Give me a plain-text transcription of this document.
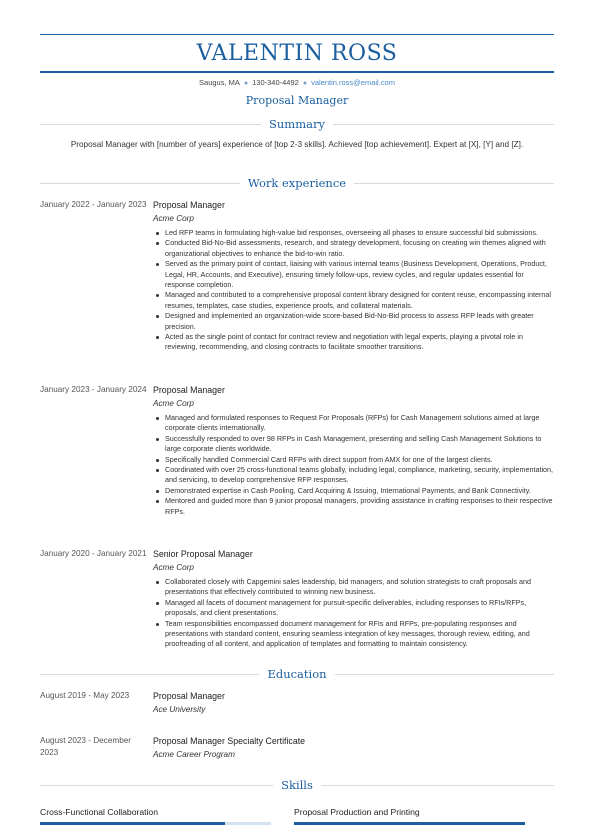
VALENTIN ROSS
Saugus, MA ● 130-340-4492 ● valentin.ross@email.com
Proposal Manager
Summary
Proposal Manager with [number of years] experience of [top 2-3 skills]. Achieved [top achievement]. Expert at [X], [Y] and [Z].
Work experience
January 2022 - January 2023 Proposal Manager
Acme Corp
Led RFP teams in formulating high-value bid responses, overseeing all phases to ensure successful bid submissions.
Conducted Bid-No-Bid assessments, research, and strategy development, focusing on creating win themes aligned with organizational objectives to enhance the bid-to-win ratio.
Served as the primary point of contact, liaising with various internal teams (Business Development, Operations, Product, Legal, HR, Accounts, and Executive), ensuring timely follow-ups, review cycles, and regular updates essential for response completion.
Managed and contributed to a comprehensive proposal content library designed for content reuse, encompassing internal resumes, templates, case studies, experience proofs, and collateral materials.
Designed and implemented an organization-wide score-based Bid-No-Bid process to assess RFP leads with greater precision.
Acted as the single point of contact for contract review and negotiation with legal experts, playing a pivotal role in reviewing, recommending, and closing contracts to facilitate smoother transitions.
January 2023 - January 2024 Proposal Manager
Acme Corp
Managed and formulated responses to Request For Proposals (RFPs) for Cash Management solutions aimed at large corporate clients internationally.
Successfully responded to over 98 RFPs in Cash Management, presenting and selling Cash Management Solutions to large corporate clients worldwide.
Specifically handled Commercial Card RFPs with direct support from AMX for one of the largest clients.
Coordinated with over 25 cross-functional teams globally, including legal, compliance, marketing, security, implementation, and servicing, to develop comprehensive RFP responses.
Demonstrated expertise in Cash Pooling, Card Acquiring & Issuing, International Payments, and Bank Connectivity.
Mentored and guided more than 9 junior proposal managers, providing assistance in crafting responses to their respective RFPs.
January 2020 - January 2021 Senior Proposal Manager
Acme Corp
Collaborated closely with Capgemini sales leadership, bid managers, and solution strategists to craft proposals and presentations that effectively contributed to winning new business.
Managed all facets of document management for pursuit-specific deliverables, including responses to RFIs/RFPs, proposals, and client presentations.
Team responsibilities encompassed document management for RFIs and RFPs, pre-populating responses and presentations with standard content, ensuring seamless integration of key messages, thorough review, editing, and proofreading of all content, and application of templates and formatting to maintain consistency.
Education
August 2019 - May 2023	Proposal Manager
Ace University
August 2023 - December 2023
Proposal Manager Specialty Certificate
Acme Career Program
Skills
Cross-Functional Collaboration	Proposal Production and Printing
